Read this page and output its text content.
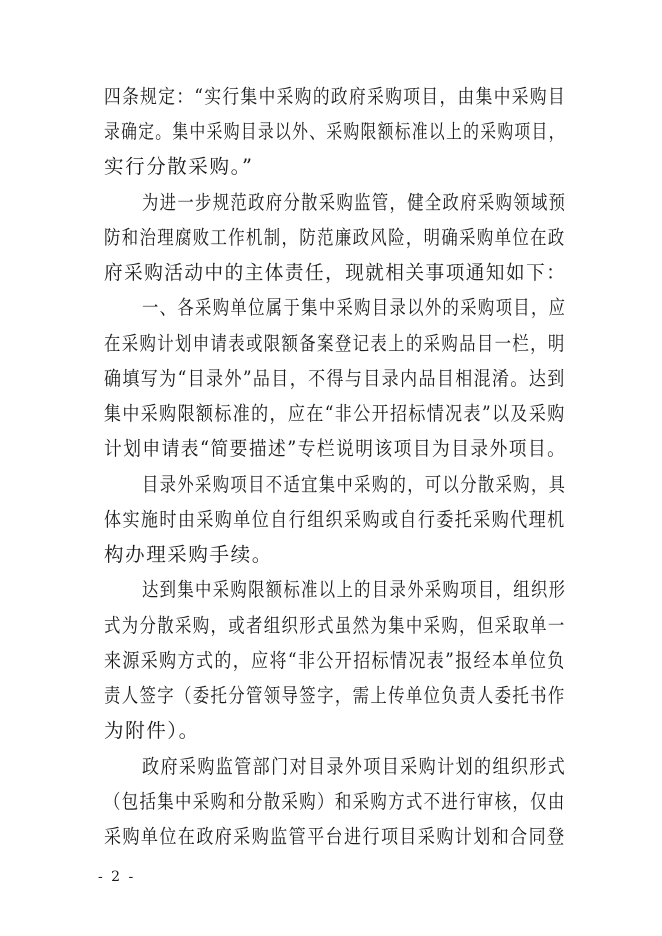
四条规定：“实行集中采购的政府采购项目，由集中采购目
录确定。集中采购目录以外、采购限额标准以上的采购项目，
实行分散采购。”
为进一步规范政府分散采购监管，健全政府采购领域预
防和治理腐败工作机制，防范廉政风险，明确采购单位在政
府采购活动中的主体责任，现就相关事项通知如下：
一、各采购单位属于集中采购目录以外的采购项目，应
在采购计划申请表或限额备案登记表上的采购品目一栏，明
确填写为“目录外”品目，不得与目录内品目相混淆。达到
集中采购限额标准的，应在“非公开招标情况表”以及采购
计划申请表“简要描述”专栏说明该项目为目录外项目。
目录外采购项目不适宜集中采购的，可以分散采购，具
体实施时由采购单位自行组织采购或自行委托采购代理机
构办理采购手续。
达到集中采购限额标准以上的目录外采购项目，组织形
式为分散采购，或者组织形式虽然为集中采购，但采取单一
来源采购方式的，应将“非公开招标情况表”报经本单位负
责人签字（委托分管领导签字，需上传单位负责人委托书作
为附件）。
政府采购监管部门对目录外项目采购计划的组织形式
（包括集中采购和分散采购）和采购方式不进行审核，仅由
采购单位在政府采购监管平台进行项目采购计划和合同登
- 2 -
